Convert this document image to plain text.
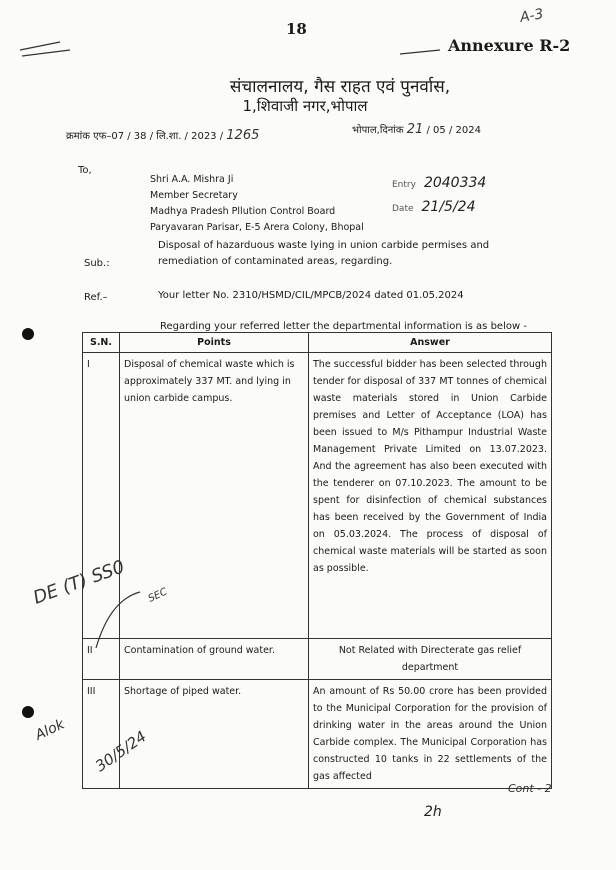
18
A-3
Annexure R-2
संचालनालय, गैस राहत एवं पुनर्वास,
1,शिवाजी नगर,भोपाल
क्रमांक एफ–07 / 38 / लि.शा. / 2023 / 1265	भोपाल,दिनांक 21 / 05 / 2024
To,
Shri A.A. Mishra Ji
Member Secretary
Madhya Pradesh Pllution Control Board
Paryavaran Parisar, E-5 Arera Colony, Bhopal
Entry 2040334
Date 21/5/24
Sub.:
Disposal of hazarduous waste lying in union carbide permises and
remediation of contaminated areas, regarding.
Ref.–	Your letter No. 2310/HSMD/CIL/MPCB/2024 dated 01.05.2024
Regarding your referred letter the departmental information is as below -
S.N.	Points	Answer
I	Disposal of chemical waste which is approximately 337 MT. and lying in union carbide campus.	The successful bidder has been selected through tender for disposal of 337 MT tonnes of chemical waste materials stored in Union Carbide premises and Letter of Acceptance (LOA) has been issued to M/s Pithampur Industrial Waste Management Private Limited on 13.07.2023. And the agreement has also been executed with the tenderer on 07.10.2023. The amount to be spent for disinfection of chemical substances has been received by the Government of India on 05.03.2024. The process of disposal of chemical waste materials will be started as soon as possible.
II	Contamination of ground water.	Not Related with Directerate gas relief department
III	Shortage of piped water.	An amount of Rs 50.00 crore has been provided to the Municipal Corporation for the provision of drinking water in the areas around the Union Carbide complex. The Municipal Corporation has constructed 10 tanks in 22 settlements of the gas affected
Cont - 2
2h
DE (T) SS0 SEC
Alok 30/5/24
